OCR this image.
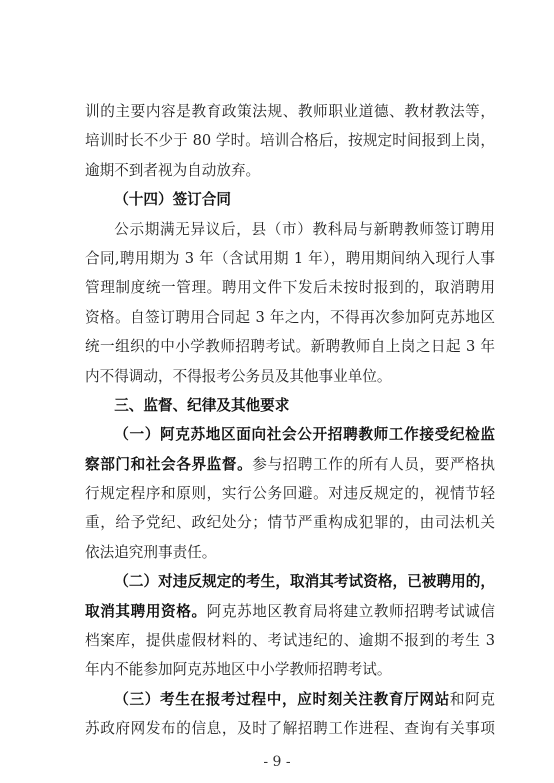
训的主要内容是教育政策法规、教师职业道德、教材教法等，
培训时长不少于 80 学时。培训合格后，按规定时间报到上岗，
逾期不到者视为自动放弃。
（十四）签订合同
公示期满无异议后，县（市）教科局与新聘教师签订聘用
合同,聘用期为 3 年（含试用期 1 年），聘用期间纳入现行人事
管理制度统一管理。聘用文件下发后未按时报到的，取消聘用
资格。自签订聘用合同起 3 年之内，不得再次参加阿克苏地区
统一组织的中小学教师招聘考试。新聘教师自上岗之日起 3 年
内不得调动，不得报考公务员及其他事业单位。
三、监督、纪律及其他要求
（一）阿克苏地区面向社会公开招聘教师工作接受纪检监
察部门和社会各界监督。参与招聘工作的所有人员，要严格执
行规定程序和原则，实行公务回避。对违反规定的，视情节轻
重，给予党纪、政纪处分；情节严重构成犯罪的，由司法机关
依法追究刑事责任。
（二）对违反规定的考生，取消其考试资格，已被聘用的，
取消其聘用资格。阿克苏地区教育局将建立教师招聘考试诚信
档案库，提供虚假材料的、考试违纪的、逾期不报到的考生 3
年内不能参加阿克苏地区中小学教师招聘考试。
（三）考生在报考过程中，应时刻关注教育厅网站和阿克
苏政府网发布的信息，及时了解招聘工作进程、查询有关事项
- 9 -
